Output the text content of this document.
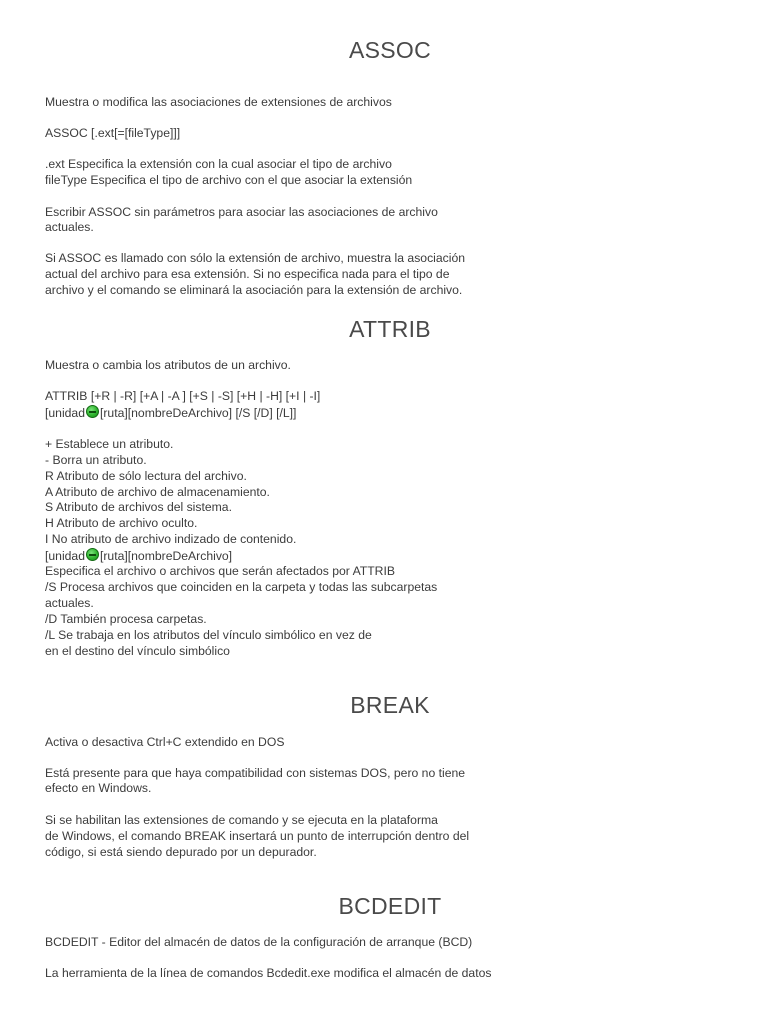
ASSOC

Muestra o modifica las asociaciones de extensiones de archivos

ASSOC [.ext[=[fileType]]]

.ext Especifica la extensión con la cual asociar el tipo de archivo

fileType Especifica el tipo de archivo con el que asociar la extensión

Escribir ASSOC sin parámetros para asociar las asociaciones de archivo

actuales.

Si ASSOC es llamado con sólo la extensión de archivo, muestra la asociación

actual del archivo para esa extensión. Si no especifica nada para el tipo de

archivo y el comando se eliminará la asociación para la extensión de archivo.

ATTRIB

Muestra o cambia los atributos de un archivo.

ATTRIB [+R | -R] [+A | -A ] [+S | -S] [+H | -H] [+I | -I]

[unidad [ruta][nombreDeArchivo] [/S [/D] [/L]]

+ Establece un atributo.

- Borra un atributo.

R Atributo de sólo lectura del archivo.

A Atributo de archivo de almacenamiento.

S Atributo de archivos del sistema.

H Atributo de archivo oculto.

I No atributo de archivo indizado de contenido.

[unidad [ruta][nombreDeArchivo]

Especifica el archivo o archivos que serán afectados por ATTRIB

/S Procesa archivos que coinciden en la carpeta y todas las subcarpetas

actuales.

/D También procesa carpetas.

/L Se trabaja en los atributos del vínculo simbólico en vez de

en el destino del vínculo simbólico

BREAK

Activa o desactiva Ctrl+C extendido en DOS

Está presente para que haya compatibilidad con sistemas DOS, pero no tiene

efecto en Windows.

Si se habilitan las extensiones de comando y se ejecuta en la plataforma

de Windows, el comando BREAK insertará un punto de interrupción dentro del

código, si está siendo depurado por un depurador.

BCDEDIT

BCDEDIT - Editor del almacén de datos de la configuración de arranque (BCD)

La herramienta de la línea de comandos Bcdedit.exe modifica el almacén de datos
